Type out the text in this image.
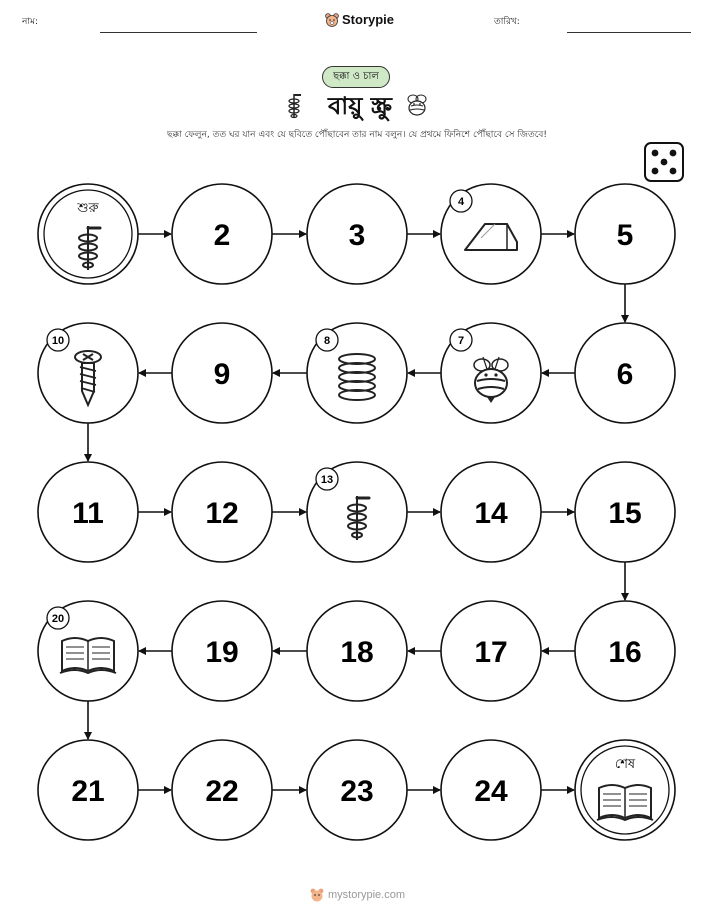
নাম:	Storypie	তারিখ:
ছক্কা ও চাল
বায়ু স্ক্রু
ছক্কা ফেলুন, তত ঘর যান এবং যে ছবিতে পৌঁছাবেন তার নাম বলুন। যে প্রথমে ফিনিশে পৌঁছাবে সে জিতবে!
শুরু
2	3
4
5
6
7
8
9
10
11	12
13
14	15
16
17
18
19
20
21	22	23	24
শেষ
mystorypie.com
